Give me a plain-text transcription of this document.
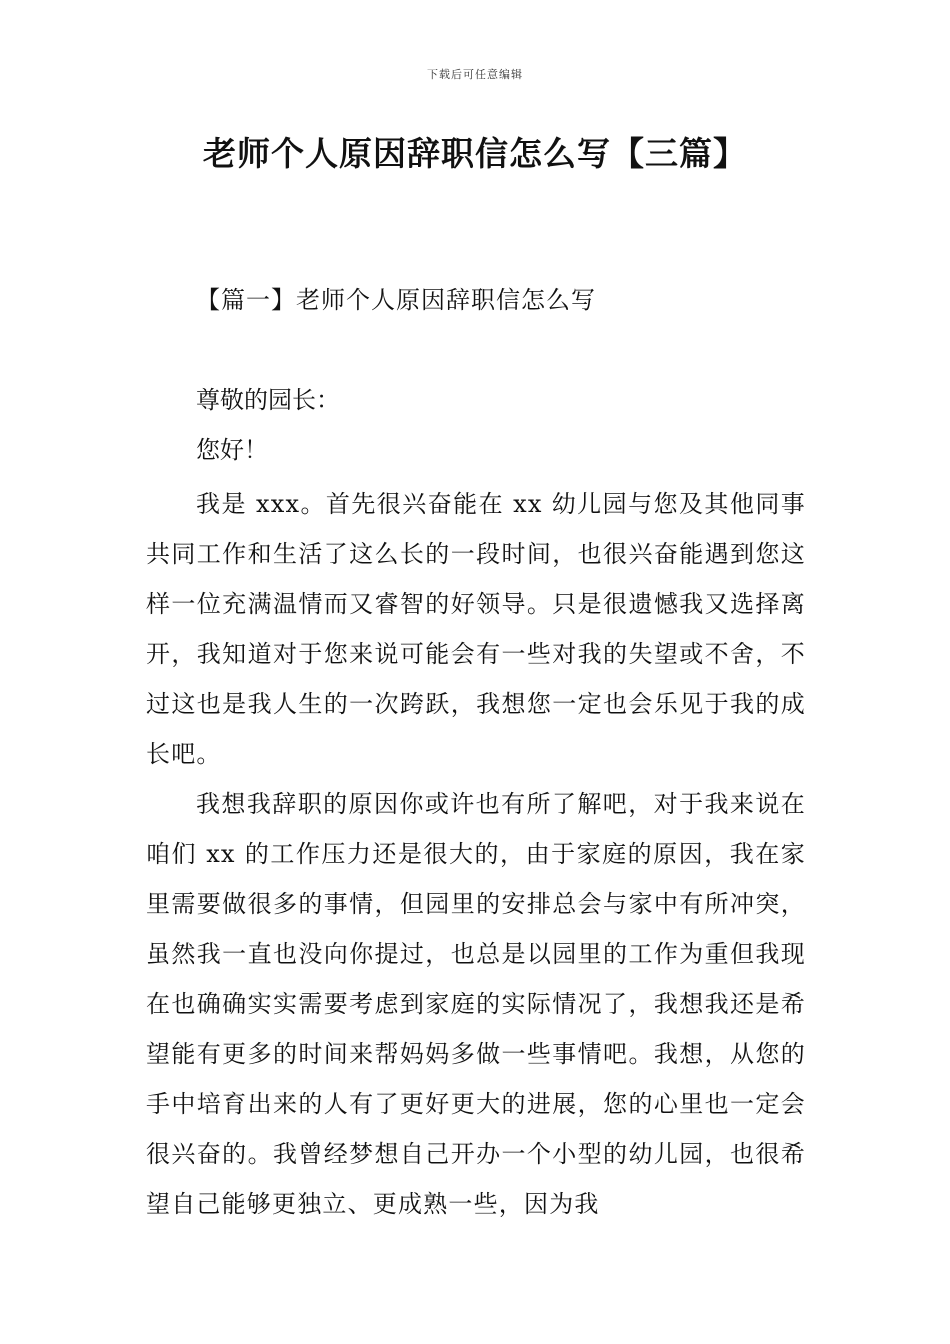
下载后可任意编辑
老师个人原因辞职信怎么写【三篇】
【篇一】老师个人原因辞职信怎么写

尊敬的园长：

您好！

我是 xxx。首先很兴奋能在 xx 幼儿园与您及其他同事共同工作和生活了这么长的一段时间，也很兴奋能遇到您这样一位充满温情而又睿智的好领导。只是很遗憾我又选择离开，我知道对于您来说可能会有一些对我的失望或不舍，不过这也是我人生的一次跨跃，我想您一定也会乐见于我的成长吧。

我想我辞职的原因你或许也有所了解吧，对于我来说在咱们 xx 的工作压力还是很大的，由于家庭的原因，我在家里需要做很多的事情，但园里的安排总会与家中有所冲突，虽然我一直也没向你提过，也总是以园里的工作为重但我现在也确确实实需要考虑到家庭的实际情况了，我想我还是希望能有更多的时间来帮妈妈多做一些事情吧。我想，从您的手中培育出来的人有了更好更大的进展，您的心里也一定会很兴奋的。我曾经梦想自己开办一个小型的幼儿园，也很希望自己能够更独立、更成熟一些，因为我
